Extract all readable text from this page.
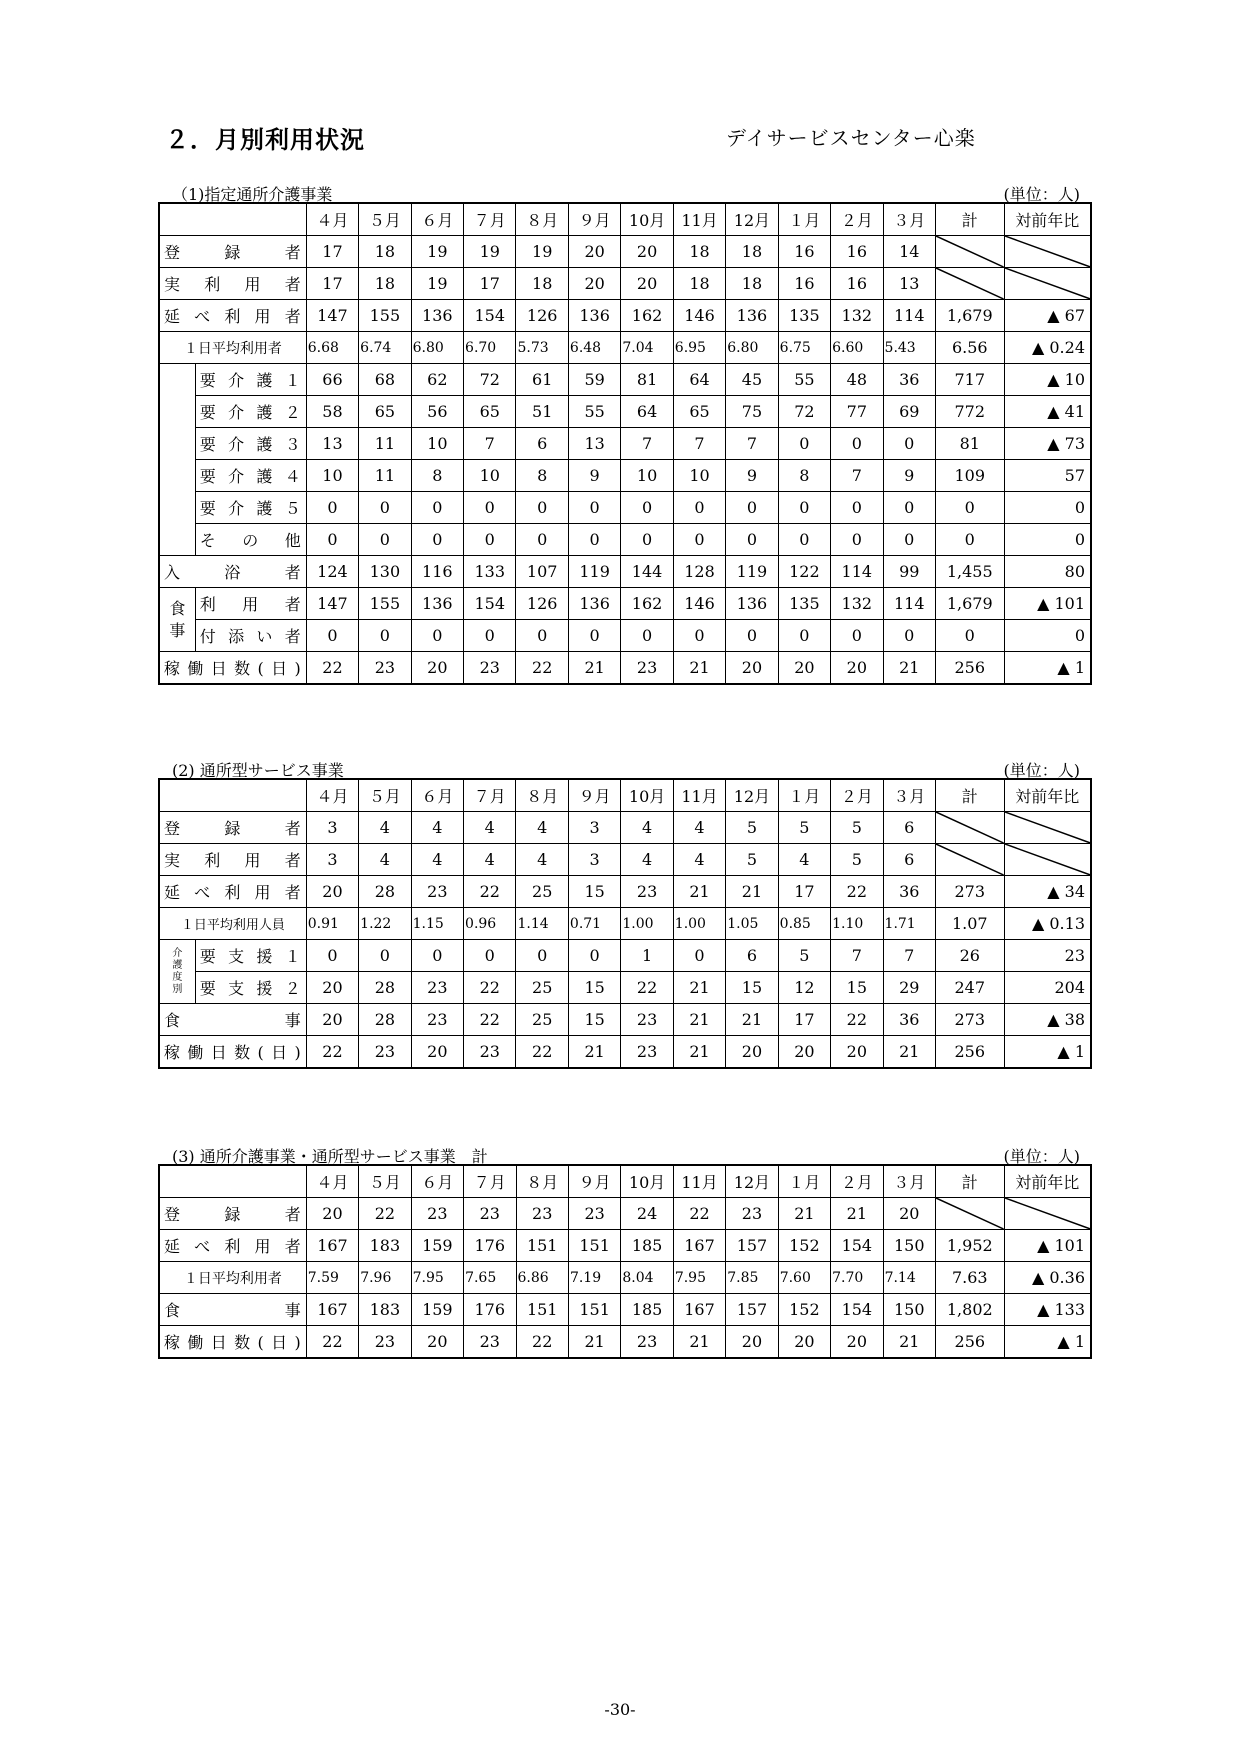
２．月別利用状況	デイサービスセンター心楽
（1)指定通所介護事業	(単位：人)
		４月	５月	６月	７月	８月	９月	10月	11月	12月	１月	２月	３月	計	対前年比
登　録　者		17	18	19	19	19	20	20	18	18	16	16	14	

実　利　用　者		17	18	19	17	18	20	20	18	18	16	16	13	

延べ利用者		147	155	136	154	126	136	162	146	136	135	132	114	1,679	▲ 67
１日平均利用者		6.68	6.74	6.80	6.70	5.73	6.48	7.04	6.95	6.80	6.75	6.60	5.43	6.56	▲ 0.24
	要介護１	66	68	62	72	61	59	81	64	45	55	48	36	717	▲ 10
	要介護２	58	65	56	65	51	55	64	65	75	72	77	69	772	▲ 41
	要介護３	13	11	10	7	6	13	7	7	7	0	0	0	81	▲ 73
	要介護４	10	11	8	10	8	9	10	10	9	8	7	9	109	57
	要介護５	0	0	0	0	0	0	0	0	0	0	0	0	0	0
	その他	0	0	0	0	0	0	0	0	0	0	0	0	0	0
入　浴　者		124	130	116	133	107	119	144	128	119	122	114	99	1,455	80
食事	利　用　者	147	155	136	154	126	136	162	146	136	135	132	114	1,679	▲ 101
	付添い者	0	0	0	0	0	0	0	0	0	0	0	0	0	0
稼働日数(日)		22	23	20	23	22	21	23	21	20	20	20	21	256	▲ 1
(2) 通所型サービス事業	(単位：人)
		４月	５月	６月	７月	８月	９月	10月	11月	12月	１月	２月	３月	計	対前年比
登　録　者		3	4	4	4	4	3	4	4	5	5	5	6	

実　利　用　者		3	4	4	4	4	3	4	4	5	4	5	6	

延べ利用者		20	28	23	22	25	15	23	21	21	17	22	36	273	▲ 34
１日平均利用人員		0.91	1.22	1.15	0.96	1.14	0.71	1.00	1.00	1.05	0.85	1.10	1.71	1.07	▲ 0.13
介護度別	要支援１	0	0	0	0	0	0	1	0	6	5	7	7	26	23
	要支援２	20	28	23	22	25	15	22	21	15	12	15	29	247	204
食　　　事		20	28	23	22	25	15	23	21	21	17	22	36	273	▲ 38
稼働日数(日)		22	23	20	23	22	21	23	21	20	20	20	21	256	▲ 1
(3) 通所介護事業・通所型サービス事業　計	(単位：人)
	４月	５月	６月	７月	８月	９月	10月	11月	12月	１月	２月	３月	計	対前年比
登　録　者	20	22	23	23	23	23	24	22	23	21	21	20	

延べ利用者	167	183	159	176	151	151	185	167	157	152	154	150	1,952	▲ 101
１日平均利用者	7.59	7.96	7.95	7.65	6.86	7.19	8.04	7.95	7.85	7.60	7.70	7.14	7.63	▲ 0.36
食　　　事	167	183	159	176	151	151	185	167	157	152	154	150	1,802	▲ 133
稼働日数(日)	22	23	20	23	22	21	23	21	20	20	20	21	256	▲ 1
-30-
